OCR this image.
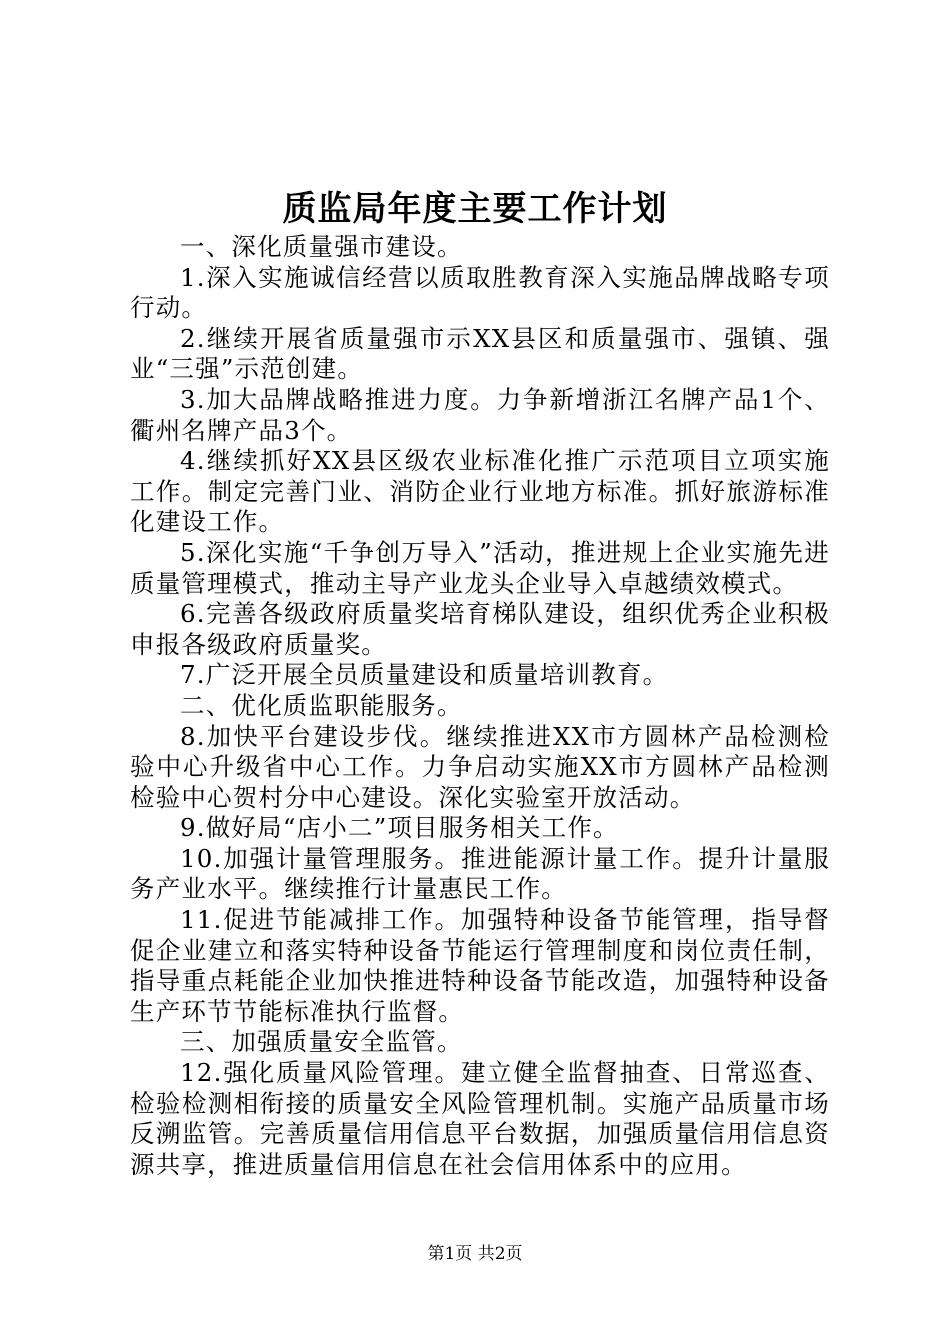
质监局年度主要工作计划

一、深化质量强市建设。

1.深入实施诚信经营以质取胜教育深入实施品牌战略专项行动。

2.继续开展省质量强市示XX县区和质量强市、强镇、强业“三强”示范创建。

3.加大品牌战略推进力度。力争新增浙江名牌产品1个、衢州名牌产品3个。

4.继续抓好XX县区级农业标准化推广示范项目立项实施工作。制定完善门业、消防企业行业地方标准。抓好旅游标准化建设工作。

5.深化实施“千争创万导入”活动，推进规上企业实施先进质量管理模式，推动主导产业龙头企业导入卓越绩效模式。

6.完善各级政府质量奖培育梯队建设，组织优秀企业积极申报各级政府质量奖。

7.广泛开展全员质量建设和质量培训教育。

二、优化质监职能服务。

8.加快平台建设步伐。继续推进XX市方圆林产品检测检验中心升级省中心工作。力争启动实施XX市方圆林产品检测检验中心贺村分中心建设。深化实验室开放活动。

9.做好局“店小二”项目服务相关工作。

10.加强计量管理服务。推进能源计量工作。提升计量服务产业水平。继续推行计量惠民工作。

11.促进节能减排工作。加强特种设备节能管理，指导督促企业建立和落实特种设备节能运行管理制度和岗位责任制，指导重点耗能企业加快推进特种设备节能改造，加强特种设备生产环节节能标准执行监督。

三、加强质量安全监管。

12.强化质量风险管理。建立健全监督抽查、日常巡查、检验检测相衔接的质量安全风险管理机制。实施产品质量市场反溯监管。完善质量信用信息平台数据，加强质量信用信息资源共享，推进质量信用信息在社会信用体系中的应用。

第1页 共2页
